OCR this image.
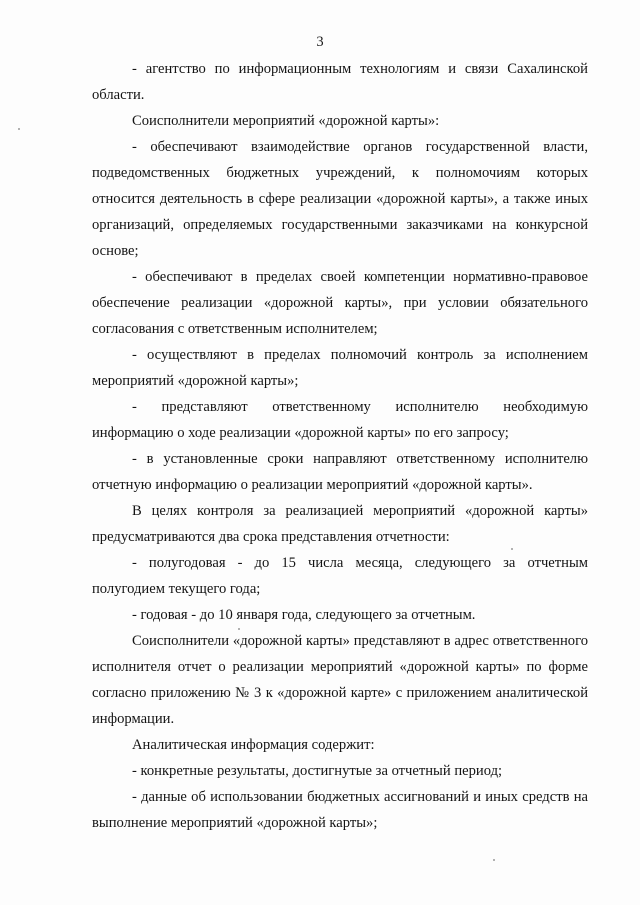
3

- агентство по информационным технологиям и связи Сахалинской области.

Соисполнители мероприятий «дорожной карты»:

- обеспечивают взаимодействие органов государственной власти, подведомственных бюджетных учреждений, к полномочиям которых относится деятельность в сфере реализации «дорожной карты», а также иных организаций, определяемых государственными заказчиками на конкурсной основе;

- обеспечивают в пределах своей компетенции нормативно-правовое обеспечение реализации «дорожной карты», при условии обязательного согласования с ответственным исполнителем;

- осуществляют в пределах полномочий контроль за исполнением мероприятий «дорожной карты»;

- представляют ответственному исполнителю необходимую информацию о ходе реализации «дорожной карты» по его запросу;

- в установленные сроки направляют ответственному исполнителю отчетную информацию о реализации мероприятий «дорожной карты».

В целях контроля за реализацией мероприятий «дорожной карты» предусматриваются два срока представления отчетности:

- полугодовая - до 15 числа месяца, следующего за отчетным полугодием текущего года;

- годовая - до 10 января года, следующего за отчетным.

Соисполнители «дорожной карты» представляют в адрес ответственного исполнителя отчет о реализации мероприятий «дорожной карты» по форме согласно приложению № 3 к «дорожной карте» с приложением аналитической информации.

Аналитическая информация содержит:

- конкретные результаты, достигнутые за отчетный период;

- данные об использовании бюджетных ассигнований и иных средств на выполнение мероприятий «дорожной карты»;
